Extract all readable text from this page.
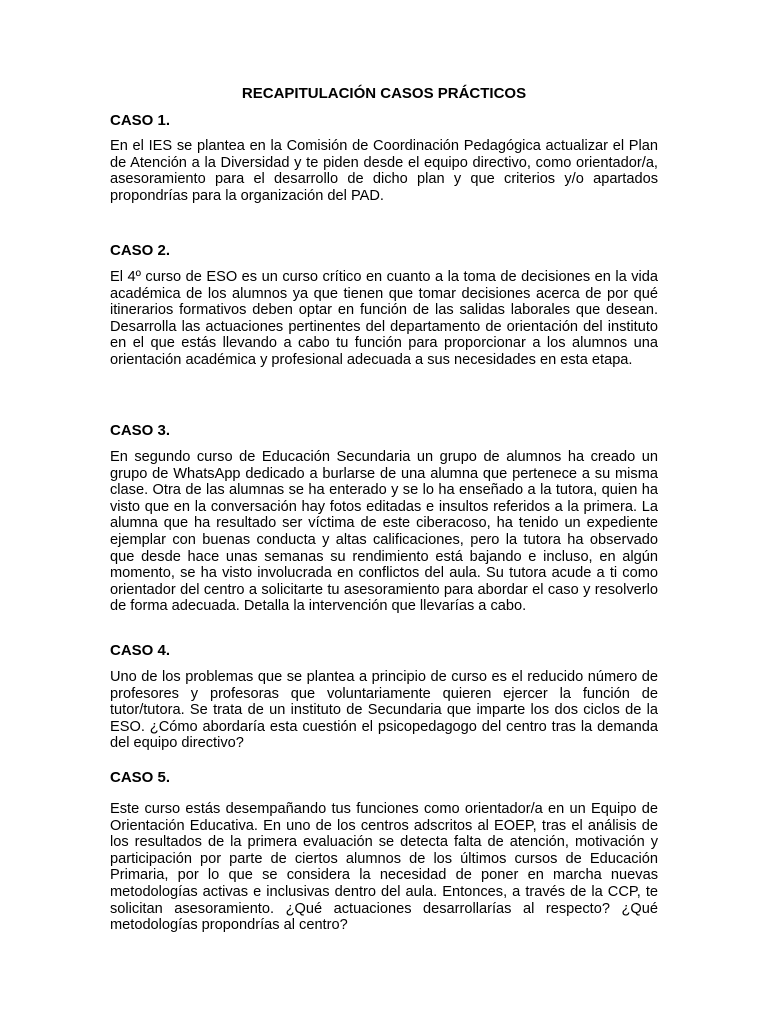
RECAPITULACIÓN CASOS PRÁCTICOS
CASO 1.

En el IES se plantea en la Comisión de Coordinación Pedagógica actualizar el Plan de Atención a la Diversidad y te piden desde el equipo directivo, como orientador/a, asesoramiento para el desarrollo de dicho plan y que criterios y/o apartados propondrías para la organización del PAD.

CASO 2.

El 4º curso de ESO es un curso crítico en cuanto a la toma de decisiones en la vida académica de los alumnos ya que tienen que tomar decisiones acerca de por qué itinerarios formativos deben optar en función de las salidas laborales que desean. Desarrolla las actuaciones pertinentes del departamento de orientación del instituto en el que estás llevando a cabo tu función para proporcionar a los alumnos una orientación académica y profesional adecuada a sus necesidades en esta etapa.

CASO 3.

En segundo curso de Educación Secundaria un grupo de alumnos ha creado un grupo de WhatsApp dedicado a burlarse de una alumna que pertenece a su misma clase. Otra de las alumnas se ha enterado y se lo ha enseñado a la tutora, quien ha visto que en la conversación hay fotos editadas e insultos referidos a la primera. La alumna que ha resultado ser víctima de este ciberacoso, ha tenido un expediente ejemplar con buenas conducta y altas calificaciones, pero la tutora ha observado que desde hace unas semanas su rendimiento está bajando e incluso, en algún momento, se ha visto involucrada en conflictos del aula. Su tutora acude a ti como orientador del centro a solicitarte tu asesoramiento para abordar el caso y resolverlo de forma adecuada. Detalla la intervención que llevarías a cabo.

CASO 4.

Uno de los problemas que se plantea a principio de curso es el reducido número de profesores y profesoras que voluntariamente quieren ejercer la función de tutor/tutora. Se trata de un instituto de Secundaria que imparte los dos ciclos de la ESO. ¿Cómo abordaría esta cuestión el psicopedagogo del centro tras la demanda del equipo directivo?

CASO 5.

Este curso estás desempañando tus funciones como orientador/a en un Equipo de Orientación Educativa. En uno de los centros adscritos al EOEP, tras el análisis de los resultados de la primera evaluación se detecta falta de atención, motivación y participación por parte de ciertos alumnos de los últimos cursos de Educación Primaria, por lo que se considera la necesidad de poner en marcha nuevas metodologías activas e inclusivas dentro del aula. Entonces, a través de la CCP, te solicitan asesoramiento. ¿Qué actuaciones desarrollarías al respecto? ¿Qué metodologías propondrías al centro?
